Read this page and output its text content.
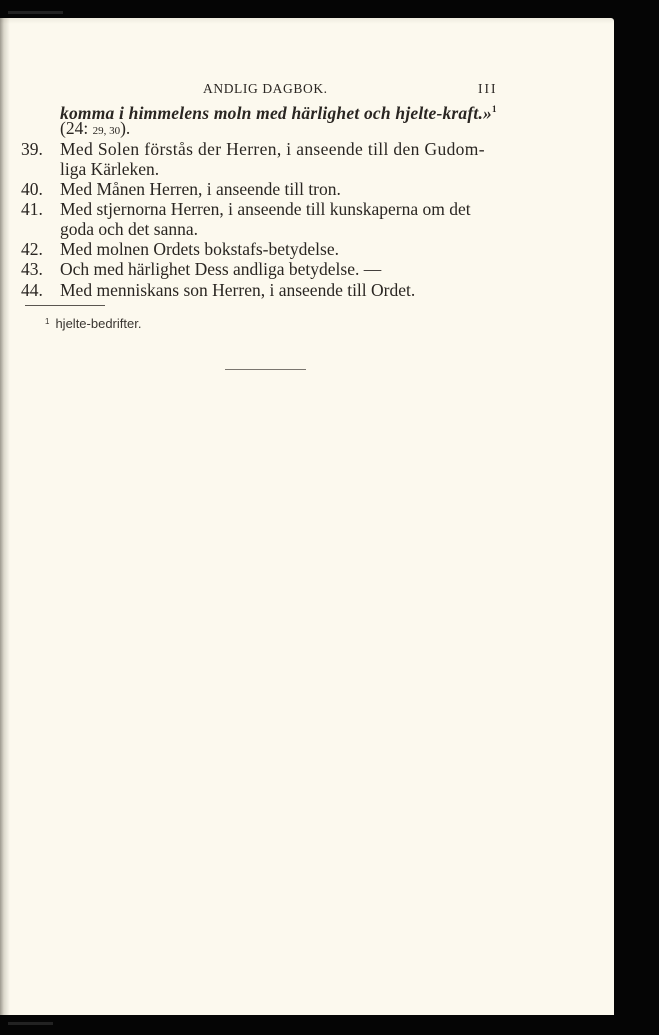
ANDLIG DAGBOK.	III
komma i himmelens moln med härlighet och hjelte-kraft.»$^1$
(24: 29, 30).
39. Med Solen förstås der Herren, i anseende till den Gudom-
liga Kärleken.
40. Med Månen Herren, i anseende till tron.
41. Med stjernorna Herren, i anseende till kunskaperna om det
goda och det sanna.
42. Med molnen Ordets bokstafs-betydelse.
43. Och med härlighet Dess andliga betydelse. —
44. Med menniskans son Herren, i anseende till Ordet.
$^1$ hjelte-bedrifter.
